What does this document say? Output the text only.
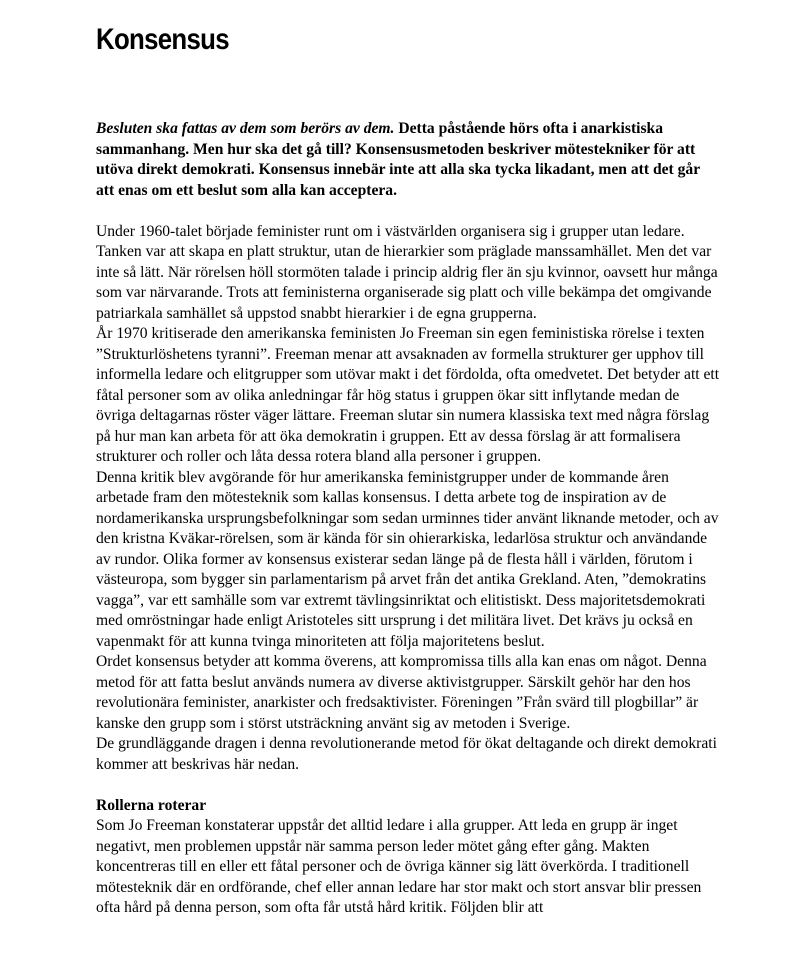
Konsensus

Besluten ska fattas av dem som berörs av dem. Detta påstående hörs ofta i anarkistiska sammanhang. Men hur ska det gå till? Konsensusmetoden beskriver mötestekniker för att utöva direkt demokrati. Konsensus innebär inte att alla ska tycka likadant, men att det går att enas om ett beslut som alla kan acceptera.

Under 1960-talet började feminister runt om i västvärlden organisera sig i grupper utan ledare. Tanken var att skapa en platt struktur, utan de hierarkier som präglade manssamhället. Men det var inte så lätt. När rörelsen höll stormöten talade i princip aldrig fler än sju kvinnor, oavsett hur många som var närvarande. Trots att feministerna organiserade sig platt och ville bekämpa det omgivande patriarkala samhället så uppstod snabbt hierarkier i de egna grupperna.

År 1970 kritiserade den amerikanska feministen Jo Freeman sin egen feministiska rörelse i texten ”Strukturlöshetens tyranni”. Freeman menar att avsaknaden av formella strukturer ger upphov till informella ledare och elitgrupper som utövar makt i det fördolda, ofta omedvetet. Det betyder att ett fåtal personer som av olika anledningar får hög status i gruppen ökar sitt inflytande medan de övriga deltagarnas röster väger lättare. Freeman slutar sin numera klassiska text med några förslag på hur man kan arbeta för att öka demokratin i gruppen. Ett av dessa förslag är att formalisera strukturer och roller och låta dessa rotera bland alla personer i gruppen.

Denna kritik blev avgörande för hur amerikanska feministgrupper under de kommande åren arbetade fram den mötesteknik som kallas konsensus. I detta arbete tog de inspiration av de nordamerikanska ursprungsbefolkningar som sedan urminnes tider använt liknande metoder, och av den kristna Kväkar-rörelsen, som är kända för sin ohierarkiska, ledarlösa struktur och användande av rundor. Olika former av konsensus existerar sedan länge på de flesta håll i världen, förutom i västeuropa, som bygger sin parlamentarism på arvet från det antika Grekland. Aten, ”demokratins vagga”, var ett samhälle som var extremt tävlingsinriktat och elitistiskt. Dess majoritetsdemokrati med omröstningar hade enligt Aristoteles sitt ursprung i det militära livet. Det krävs ju också en vapenmakt för att kunna tvinga minoriteten att följa majoritetens beslut.

Ordet konsensus betyder att komma överens, att kompromissa tills alla kan enas om något. Denna metod för att fatta beslut används numera av diverse aktivistgrupper. Särskilt gehör har den hos revolutionära feminister, anarkister och fredsaktivister. Föreningen ”Från svärd till plogbillar” är kanske den grupp som i störst utsträckning använt sig av metoden i Sverige.

De grundläggande dragen i denna revolutionerande metod för ökat deltagande och direkt demokrati kommer att beskrivas här nedan.

Rollerna roterar

Som Jo Freeman konstaterar uppstår det alltid ledare i alla grupper. Att leda en grupp är inget negativt, men problemen uppstår när samma person leder mötet gång efter gång. Makten koncentreras till en eller ett fåtal personer och de övriga känner sig lätt överkörda. I traditionell mötesteknik där en ordförande, chef eller annan ledare har stor makt och stort ansvar blir pressen ofta hård på denna person, som ofta får utstå hård kritik. Följden blir att
